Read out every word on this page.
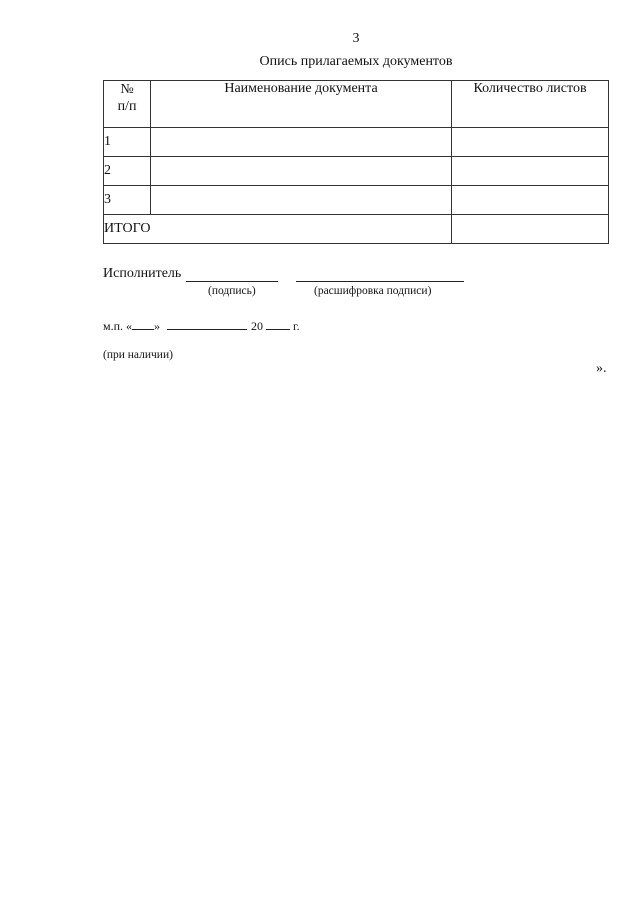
3
Опись прилагаемых документов
№
п/п	Наименование документа	Количество листов
1		
2		
3		
ИТОГО		
Исполнитель
(подпись)	(расшифровка подписи)
м.п. « »	20	г.
(при наличии)
».
